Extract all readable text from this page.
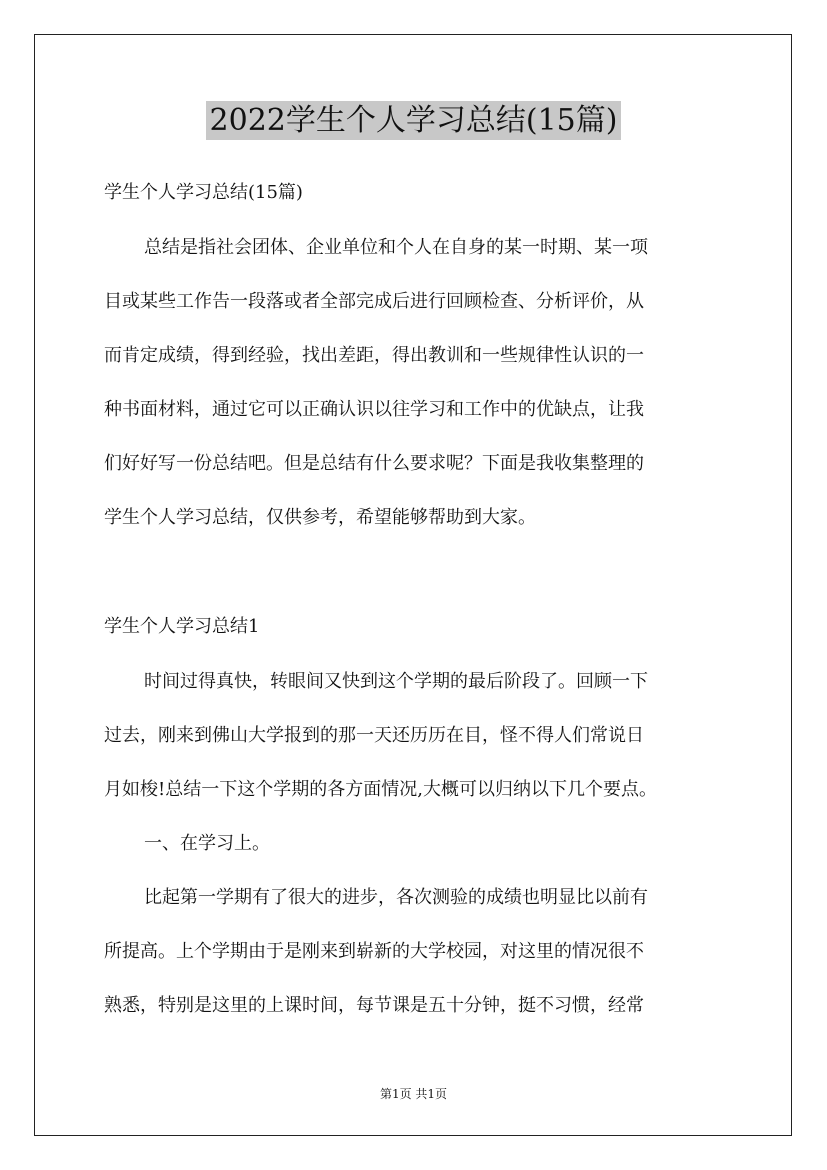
2022学生个人学习总结(15篇)
学生个人学习总结(15篇)
总结是指社会团体、企业单位和个人在自身的某一时期、某一项
目或某些工作告一段落或者全部完成后进行回顾检查、分析评价，从
而肯定成绩，得到经验，找出差距，得出教训和一些规律性认识的一
种书面材料，通过它可以正确认识以往学习和工作中的优缺点，让我
们好好写一份总结吧。但是总结有什么要求呢？下面是我收集整理的
学生个人学习总结，仅供参考，希望能够帮助到大家。
学生个人学习总结1
时间过得真快，转眼间又快到这个学期的最后阶段了。回顾一下
过去，刚来到佛山大学报到的那一天还历历在目，怪不得人们常说日
月如梭!总结一下这个学期的各方面情况,大概可以归纳以下几个要点。
一、在学习上。
比起第一学期有了很大的进步，各次测验的成绩也明显比以前有
所提高。上个学期由于是刚来到崭新的大学校园，对这里的情况很不
熟悉，特别是这里的上课时间，每节课是五十分钟，挺不习惯，经常
第1页 共1页
